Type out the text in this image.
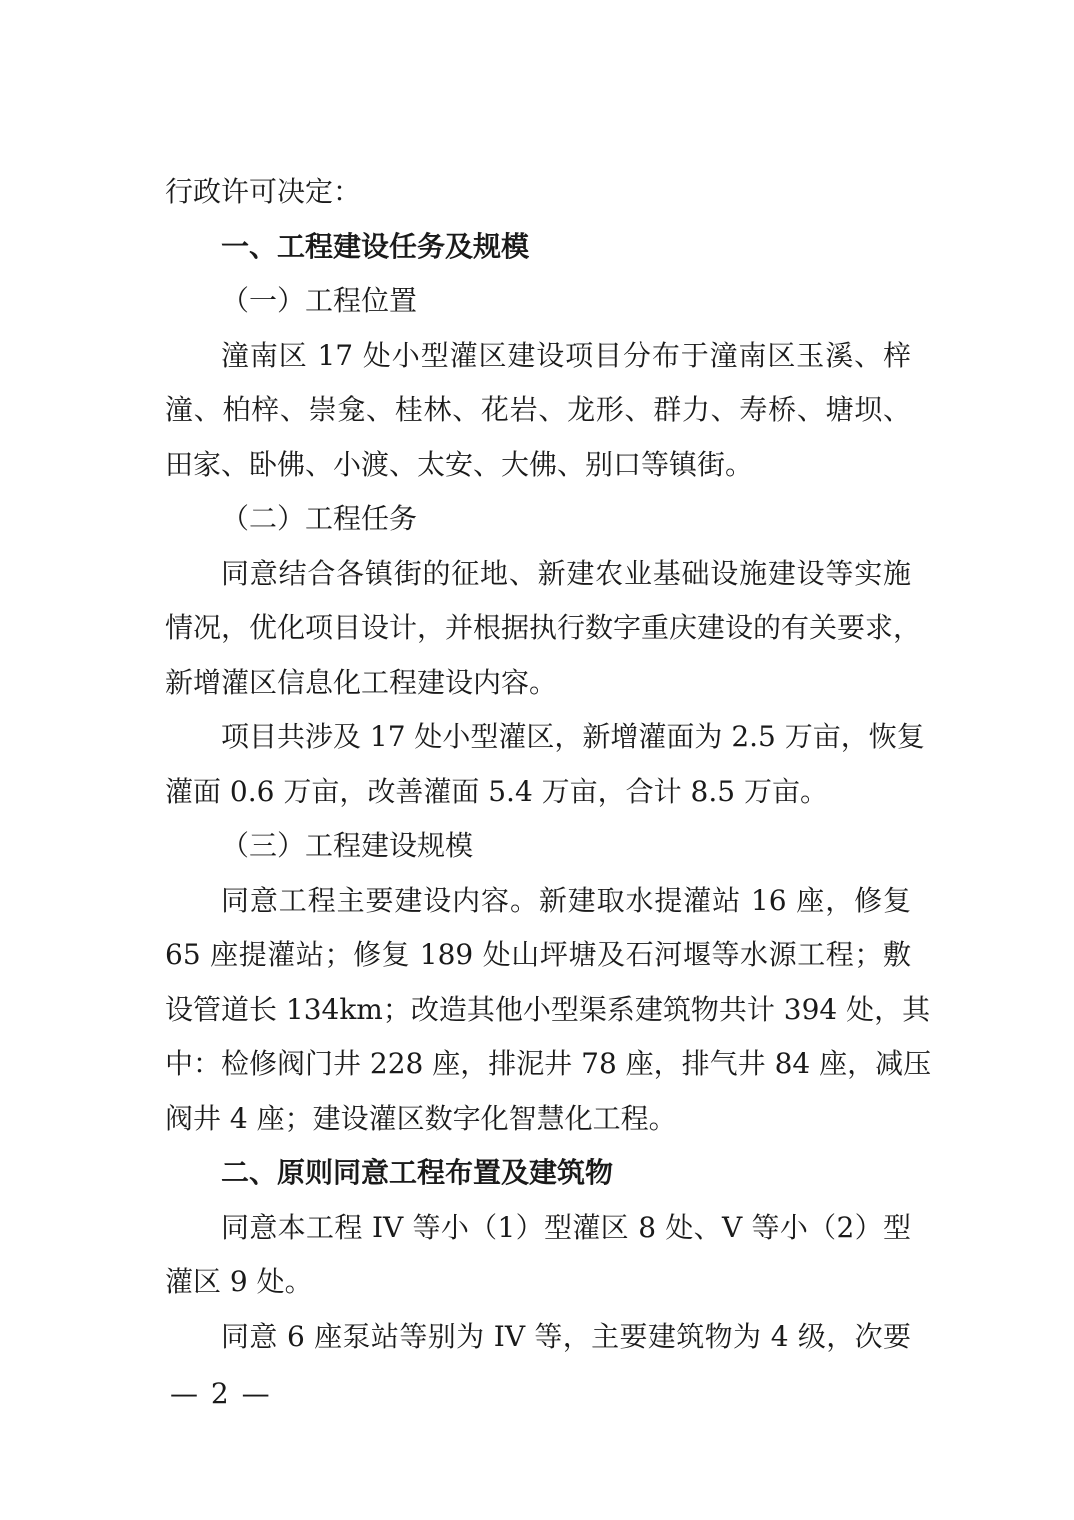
行政许可决定：
一、工程建设任务及规模
（一）工程位置
潼南区 17 处小型灌区建设项目分布于潼南区玉溪、梓
潼、柏梓、崇龛、桂林、花岩、龙形、群力、寿桥、塘坝、
田家、卧佛、小渡、太安、大佛、别口等镇街。
（二）工程任务
同意结合各镇街的征地、新建农业基础设施建设等实施
情况，优化项目设计，并根据执行数字重庆建设的有关要求，
新增灌区信息化工程建设内容。
项目共涉及 17 处小型灌区，新增灌面为 2.5 万亩，恢复
灌面 0.6 万亩，改善灌面 5.4 万亩，合计 8.5 万亩。
（三）工程建设规模
同意工程主要建设内容。新建取水提灌站 16 座，修复
65 座提灌站；修复 189 处山坪塘及石河堰等水源工程；敷
设管道长 134km；改造其他小型渠系建筑物共计 394 处，其
中：检修阀门井 228 座，排泥井 78 座，排气井 84 座，减压
阀井 4 座；建设灌区数字化智慧化工程。
二、原则同意工程布置及建筑物
同意本工程 IV 等小（1）型灌区 8 处、V 等小（2）型
灌区 9 处。
同意 6 座泵站等别为 IV 等，主要建筑物为 4 级，次要
— 2 —
